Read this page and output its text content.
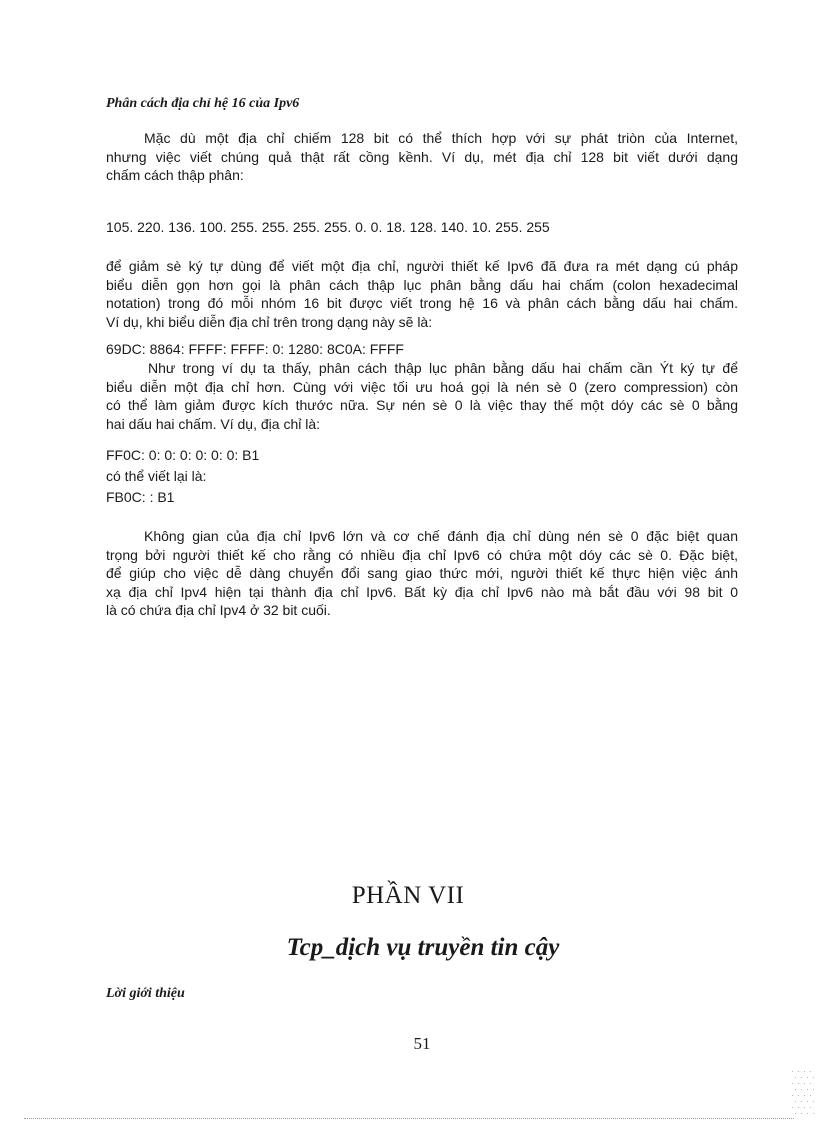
Phân cách địa chỉ hệ 16 của Ipv6
Mặc dù một địa chỉ chiếm 128 bit có thể thích hợp với sự phát triòn của Internet,
nhưng việc viết chúng quả thật rất cồng kềnh. Ví dụ, mét địa chỉ 128 bit viết dưới dạng
chấm cách thập phân:
105. 220. 136. 100. 255. 255. 255. 255. 0. 0. 18. 128. 140. 10. 255. 255
để giảm sè ký tự dùng để viết một địa chỉ, người thiết kế Ipv6 đã đưa ra mét dạng cú pháp
biểu diễn gọn hơn gọi là phân cách thập lục phân bằng dấu hai chấm (colon hexadecimal
notation) trong đó mỗi nhóm 16 bit được viết trong hệ 16 và phân cách bằng dấu hai chấm.
Ví dụ, khi biểu diễn địa chỉ trên trong dạng này sẽ là:
69DC: 8864: FFFF: FFFF: 0: 1280: 8C0A: FFFF
Như trong ví dụ ta thấy, phân cách thập lục phân bằng dấu hai chấm cần Ýt ký tự để
biểu diễn một địa chỉ hơn. Cùng với việc tối ưu hoá gọi là nén sè 0 (zero compression) còn
có thể làm giảm được kích thước nữa. Sự nén sè 0 là việc thay thế một dóy các sè 0 bằng
hai dấu hai chấm. Ví dụ, địa chỉ là:
FF0C: 0: 0: 0: 0: 0: 0: B1
có thể viết lại là:
FB0C: : B1
Không gian của địa chỉ Ipv6 lớn và cơ chế đánh địa chỉ dùng nén sè 0 đặc biệt quan
trọng bởi người thiết kế cho rằng có nhiều địa chỉ Ipv6 có chứa một dóy các sè 0. Đặc biệt,
để giúp cho việc dễ dàng chuyển đổi sang giao thức mới, người thiết kế thực hiện việc ánh
xạ địa chỉ Ipv4 hiện tại thành địa chỉ Ipv6. Bất kỳ địa chỉ Ipv6 nào mà bắt đầu với 98 bit 0
là có chứa địa chỉ Ipv4 ở 32 bit cuối.
PHẦN VII
Tcp_dịch vụ truyền tin cậy
Lời giới thiệu
51
